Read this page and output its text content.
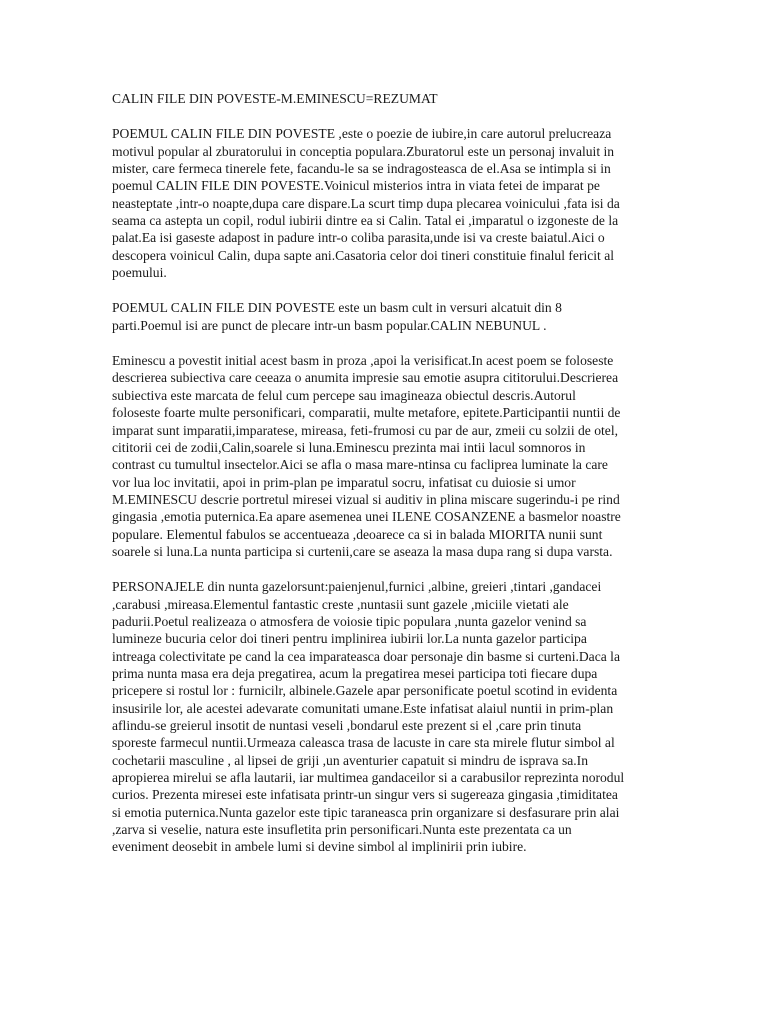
CALIN FILE DIN POVESTE-M.EMINESCU=REZUMAT

POEMUL CALIN FILE DIN POVESTE ,este o poezie de iubire,in care autorul prelucreaza motivul popular al zburatorului in conceptia populara.Zburatorul este un personaj invaluit in mister, care fermeca tinerele fete, facandu-le sa se indragosteasca de el.Asa se intimpla si in poemul CALIN FILE DIN POVESTE.Voinicul misterios intra in viata fetei de imparat pe neasteptate ,intr-o noapte,dupa care dispare.La scurt timp dupa plecarea voinicului ,fata isi da seama ca astepta un copil, rodul iubirii dintre ea si Calin. Tatal ei ,imparatul o izgoneste de la palat.Ea isi gaseste adapost in padure intr-o coliba parasita,unde isi va creste baiatul.Aici o descopera voinicul Calin, dupa sapte ani.Casatoria celor doi tineri constituie finalul fericit al poemului.

POEMUL CALIN FILE DIN POVESTE este un basm cult in versuri alcatuit din 8 parti.Poemul isi are punct de plecare intr-un basm popular.CALIN NEBUNUL .

Eminescu a povestit initial acest basm in proza ,apoi la verisificat.In acest poem se foloseste descrierea subiectiva care ceeaza o anumita impresie sau emotie asupra cititorului.Descrierea subiectiva este marcata de felul cum percepe sau imagineaza obiectul descris.Autorul foloseste foarte multe personificari, comparatii, multe metafore, epitete.Participantii nuntii de imparat sunt imparatii,imparatese, mireasa, feti-frumosi cu par de aur, zmeii cu solzii de otel, cititorii cei de zodii,Calin,soarele si luna.Eminescu prezinta mai intii lacul somnoros in contrast cu tumultul insectelor.Aici se afla o masa mare-ntinsa cu facliprea luminate la care vor lua loc invitatii, apoi in prim-plan pe imparatul socru, infatisat cu duiosie si umor M.EMINESCU descrie portretul miresei vizual si auditiv in plina miscare sugerindu-i pe rind gingasia ,emotia puternica.Ea apare asemenea unei ILENE COSANZENE a basmelor noastre populare. Elementul fabulos se accentueaza ,deoarece ca si in balada MIORITA nunii sunt soarele si luna.La nunta participa si curtenii,care se aseaza la masa dupa rang si dupa varsta.

PERSONAJELE din nunta gazelorsunt:paienjenul,furnici ,albine, greieri ,tintari ,gandacei ,carabusi ,mireasa.Elementul fantastic creste ,nuntasii sunt gazele ,miciile vietati ale padurii.Poetul realizeaza o atmosfera de voiosie tipic populara ,nunta gazelor venind sa lumineze bucuria celor doi tineri pentru implinirea iubirii lor.La nunta gazelor participa intreaga colectivitate pe cand la cea imparateasca doar personaje din basme si curteni.Daca la prima nunta masa era deja pregatirea, acum la pregatirea mesei participa toti fiecare dupa pricepere si rostul lor : furnicilr, albinele.Gazele apar personificate poetul scotind in evidenta insusirile lor, ale acestei adevarate comunitati umane.Este infatisat alaiul nuntii in prim-plan aflindu-se greierul insotit de nuntasi veseli ,bondarul este prezent si el ,care prin tinuta sporeste farmecul nuntii.Urmeaza caleasca trasa de lacuste in care sta mirele flutur simbol al cochetarii masculine , al lipsei de griji ,un aventurier capatuit si mindru de isprava sa.In apropierea mirelui se afla lautarii, iar multimea gandaceilor si a carabusilor reprezinta norodul curios. Prezenta miresei este infatisata printr-un singur vers si sugereaza gingasia ,timiditatea si emotia puternica.Nunta gazelor este tipic taraneasca prin organizare si desfasurare prin alai ,zarva si veselie, natura este insufletita prin personificari.Nunta este prezentata ca un eveniment deosebit in ambele lumi si devine simbol al implinirii prin iubire.
